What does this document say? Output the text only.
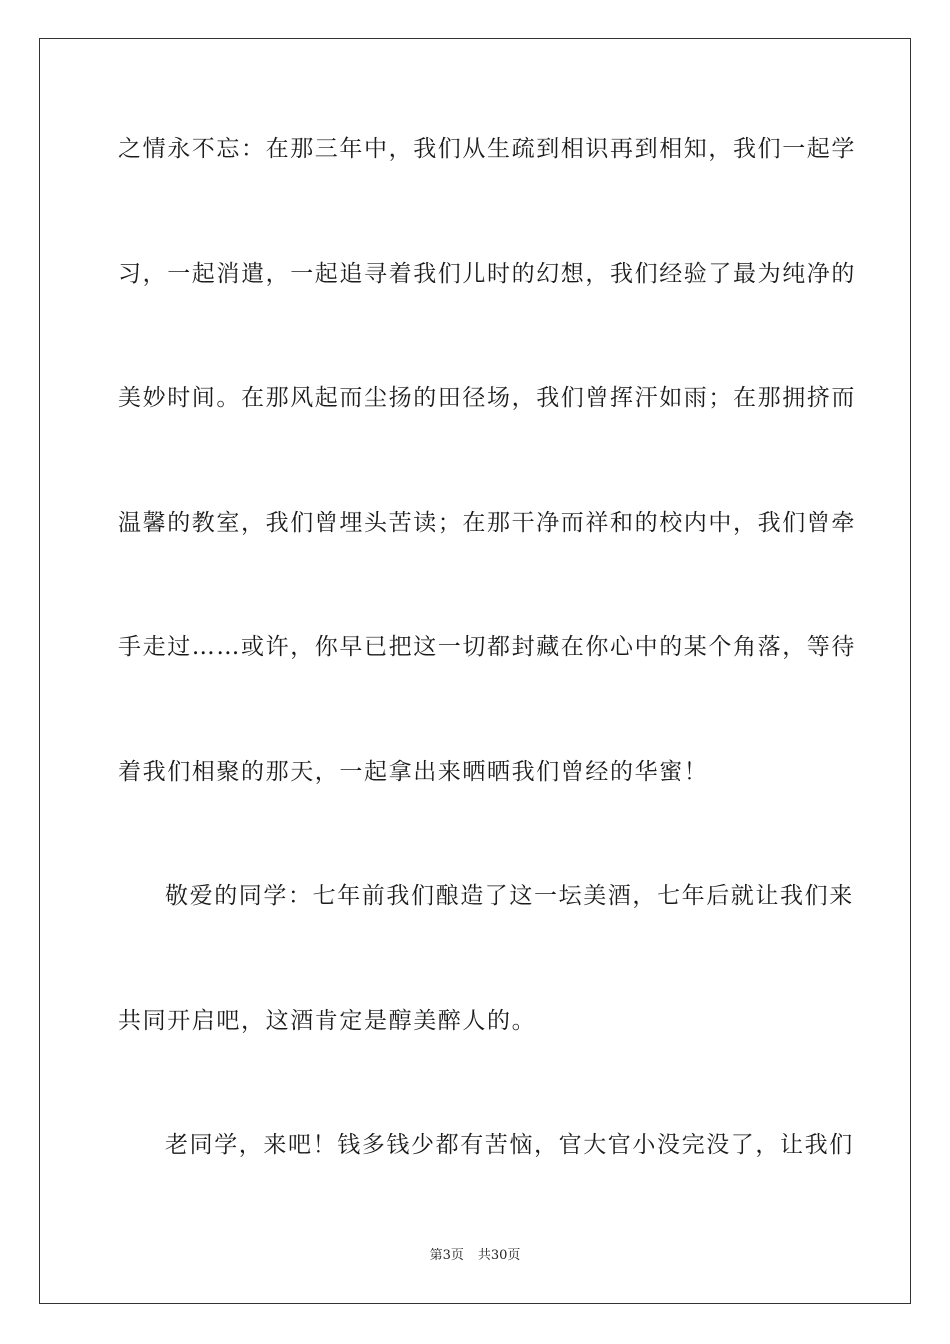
之情永不忘：在那三年中，我们从生疏到相识再到相知，我们一起学
习，一起消遣，一起追寻着我们儿时的幻想，我们经验了最为纯净的
美妙时间。在那风起而尘扬的田径场，我们曾挥汗如雨；在那拥挤而
温馨的教室，我们曾埋头苦读；在那干净而祥和的校内中，我们曾牵
手走过……或许，你早已把这一切都封藏在你心中的某个角落，等待
着我们相聚的那天，一起拿出来晒晒我们曾经的华蜜！
敬爱的同学：七年前我们酿造了这一坛美酒，七年后就让我们来
共同开启吧，这酒肯定是醇美醉人的。
老同学，来吧！钱多钱少都有苦恼，官大官小没完没了，让我们
第3页 共30页
